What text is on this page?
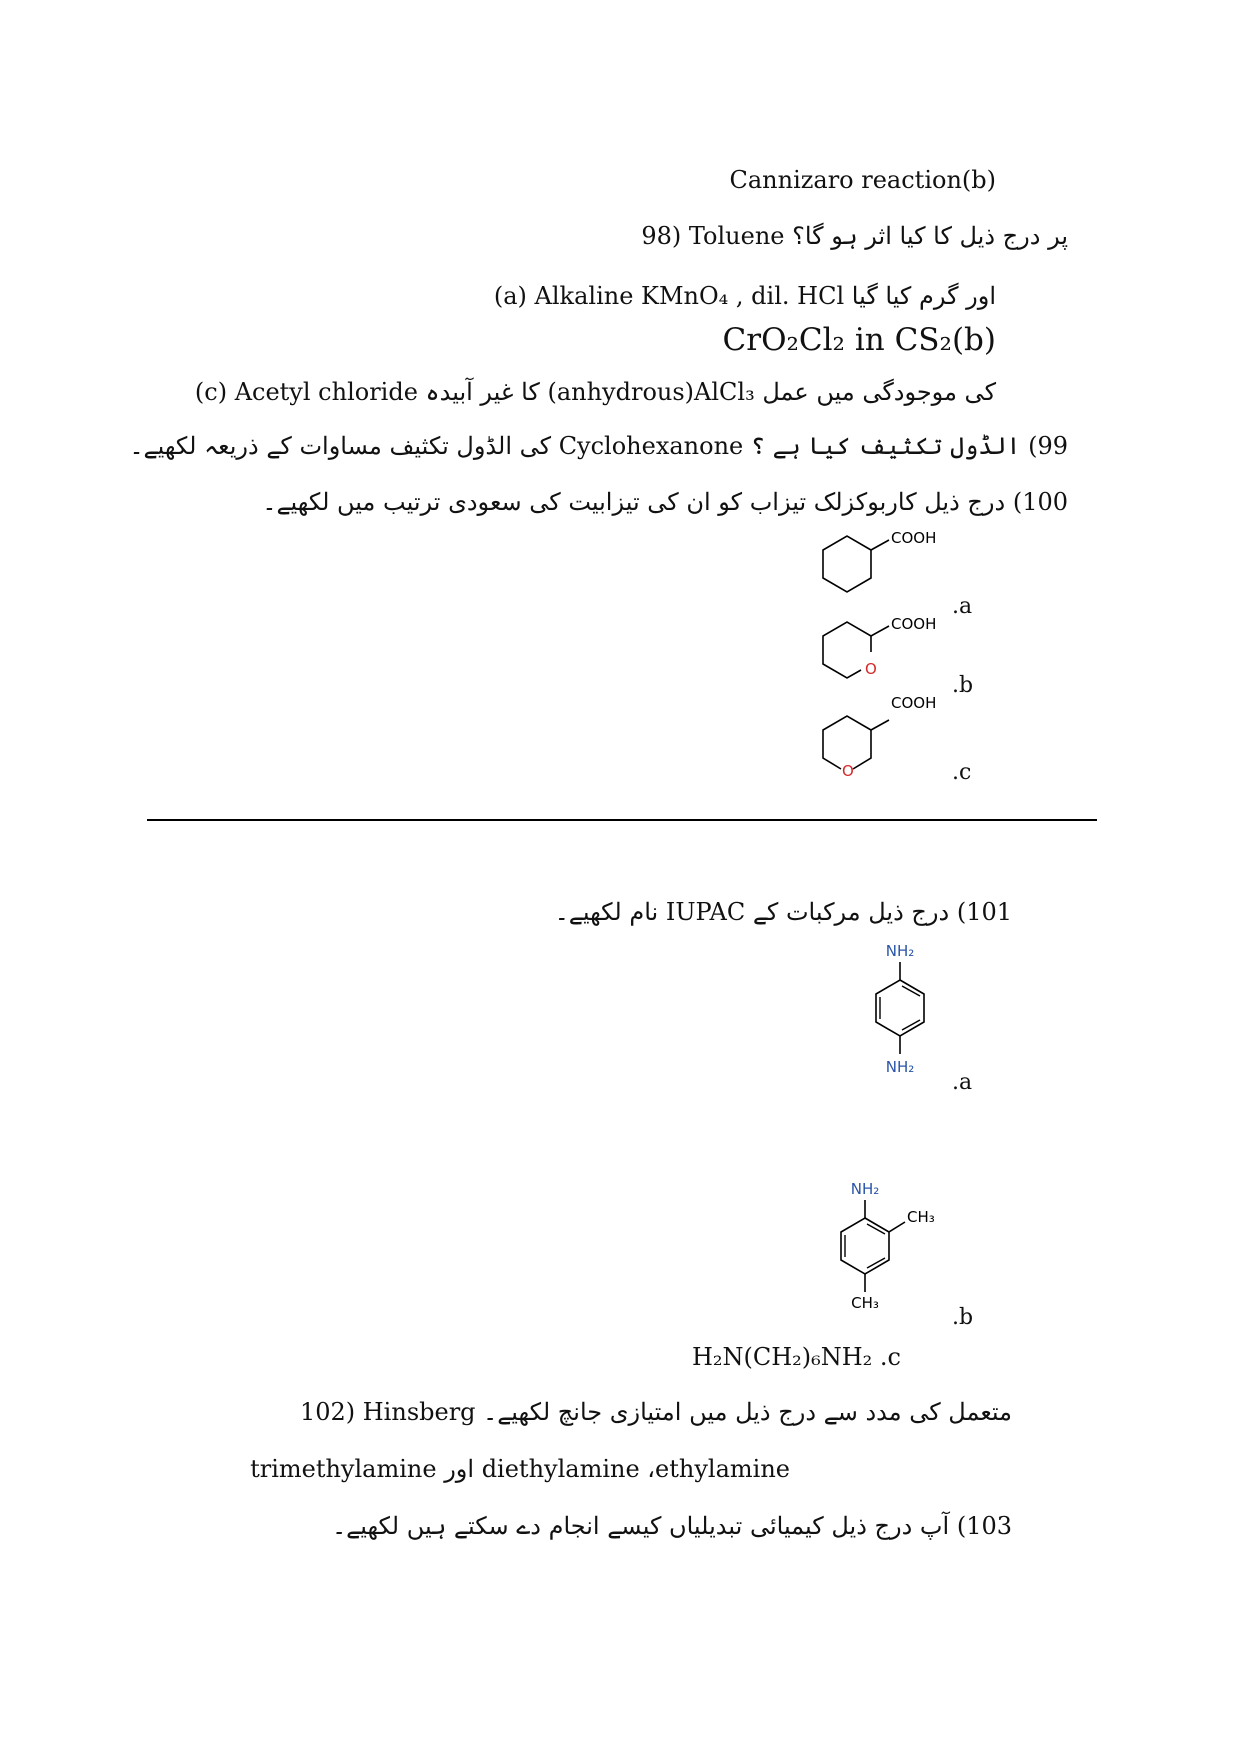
Cannizaro reaction(b)
98) Toluene پر درج ذیل کا کیا اثر ہو گا؟
(a) Alkaline KMnO₄ , dil. HCl اور گرم کیا گیا
CrO₂Cl₂ in CS₂(b)
(c) Acetyl chloride کا غیر آبیدہ (anhydrous)AlCl₃ کی موجودگی میں عمل
99) الڈول تکثیف کیا ہے ؟ Cyclohexanone کی الڈول تکثیف مساوات کے ذریعہ لکھیے۔
100) درج ذیل کاربوکزلک تیزاب کو ان کی تیزابیت کی سعودی ترتیب میں لکھیے۔
COOH
.a
COOH
O
.b
COOH
O	.c
101) درج ذیل مرکبات کے IUPAC نام لکھیے۔
NH₂
NH₂
.a
NH₂
CH₃
CH₃
.b
H₂N(CH₂)₆NH₂ .c
102) Hinsberg متعمل کی مدد سے درج ذیل میں امتیازی جانچ لکھیے۔
trimethylamine اور diethylamine ،ethylamine
103) آپ درج ذیل کیمیائی تبدیلیاں کیسے انجام دے سکتے ہیں لکھیے۔
